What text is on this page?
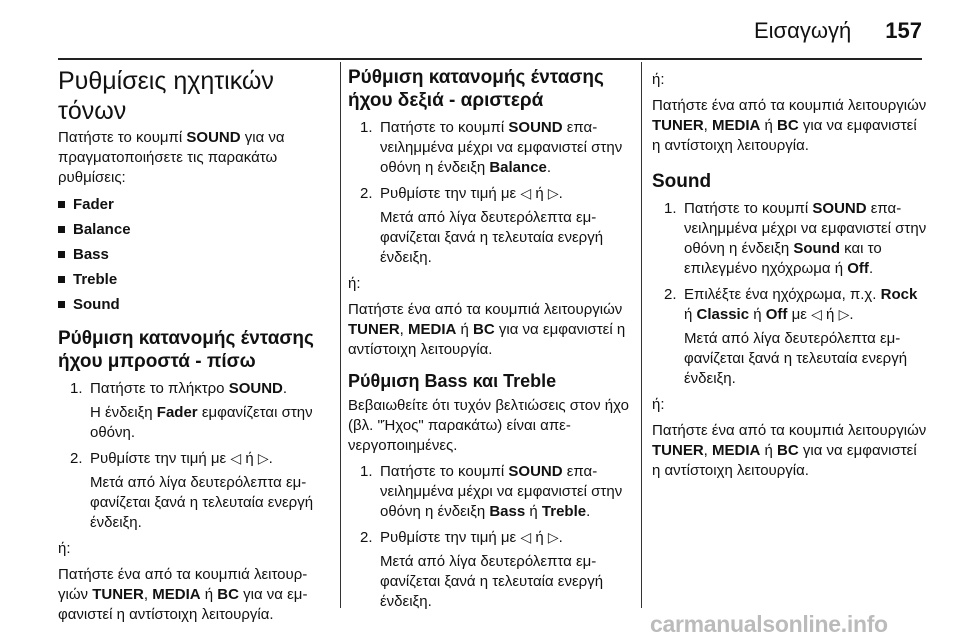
Εισαγωγή 157
Ρυθμίσεις ηχητικών τόνων

Πατήστε το κουμπί SOUND για να πραγματοποιήσετε τις παρακάτω ρυθμίσεις:

Fader
Balance
Bass
Treble
Sound
Ρύθμιση κατανομής έντασης ήχου μπροστά - πίσω
1. Πατήστε το πλήκτρο SOUND.
Η ένδειξη Fader εμφανίζεται στην οθόνη.
2. Ρυθμίστε την τιμή με ◁ ή ▷.
Μετά από λίγα δευτερόλεπτα εμφανίζεται ξανά η τελευταία ενεργή ένδειξη.

ή:

Πατήστε ένα από τα κουμπιά λειτουργιών TUNER, MEDIA ή BC για να εμφανιστεί η αντίστοιχη λειτουργία.

Ρύθμιση κατανομής έντασης ήχου δεξιά - αριστερά
1. Πατήστε το κουμπί SOUND επανειλημμένα μέχρι να εμφανιστεί στην οθόνη η ένδειξη Balance.
2. Ρυθμίστε την τιμή με ◁ ή ▷.
Μετά από λίγα δευτερόλεπτα εμφανίζεται ξανά η τελευταία ενεργή ένδειξη.

ή:

Πατήστε ένα από τα κουμπιά λειτουργιών TUNER, MEDIA ή BC για να εμφανιστεί η αντίστοιχη λειτουργία.

Ρύθμιση Bass και Treble

Βεβαιωθείτε ότι τυχόν βελτιώσεις στον ήχο (βλ. "Ήχος" παρακάτω) είναι απενεργοποιημένες.

1. Πατήστε το κουμπί SOUND επανειλημμένα μέχρι να εμφανιστεί στην οθόνη η ένδειξη Bass ή Treble.
2. Ρυθμίστε την τιμή με ◁ ή ▷.
Μετά από λίγα δευτερόλεπτα εμφανίζεται ξανά η τελευταία ενεργή ένδειξη.

ή:

Πατήστε ένα από τα κουμπιά λειτουργιών TUNER, MEDIA ή BC για να εμφανιστεί η αντίστοιχη λειτουργία.

Sound
1. Πατήστε το κουμπί SOUND επανειλημμένα μέχρι να εμφανιστεί στην οθόνη η ένδειξη Sound και το επιλεγμένο ηχόχρωμα ή Off.
2. Επιλέξτε ένα ηχόχρωμα, π.χ. Rock ή Classic ή Off με ◁ ή ▷.
Μετά από λίγα δευτερόλεπτα εμφανίζεται ξανά η τελευταία ενεργή ένδειξη.

ή:

Πατήστε ένα από τα κουμπιά λειτουργιών TUNER, MEDIA ή BC για να εμφανιστεί η αντίστοιχη λειτουργία.

carmanualsonline.info
